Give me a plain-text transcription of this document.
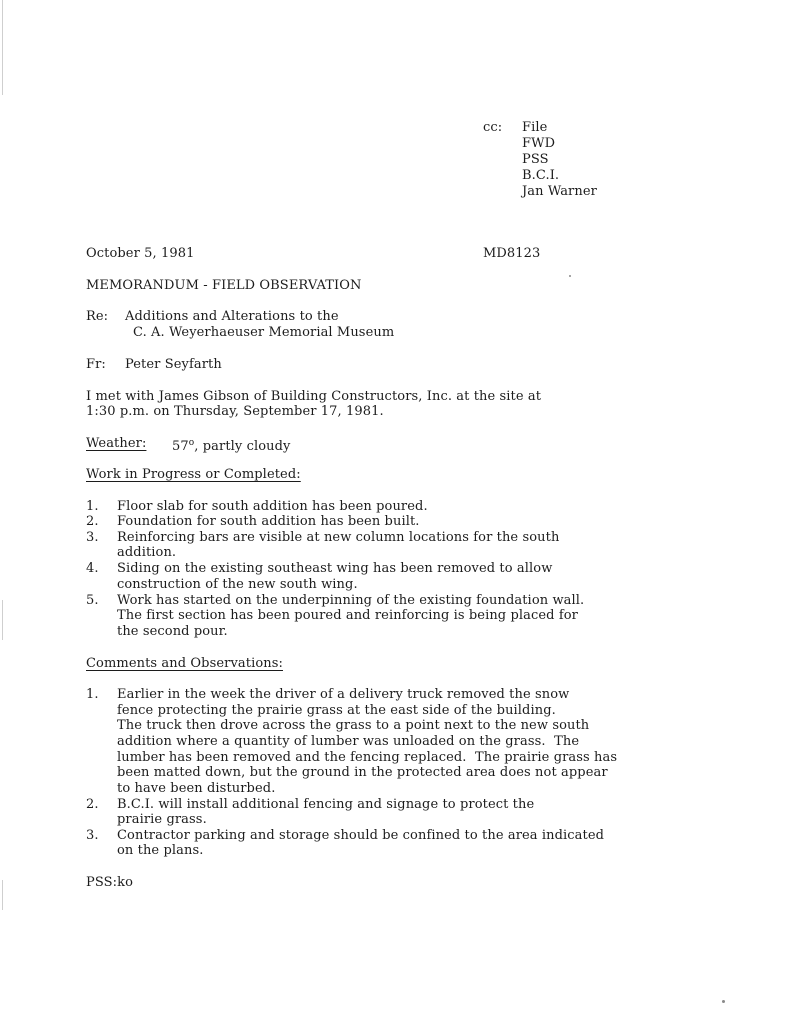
cc: File
FWD
PSS
B.C.I.
Jan Warner
October 5, 1981	MD8123
MEMORANDUM - FIELD OBSERVATION
Re: Additions and Alterations to the
C. A. Weyerhaeuser Memorial Museum
Fr: Peter Seyfarth
I met with James Gibson of Building Constructors, Inc. at the site at
1:30 p.m. on Thursday, September 17, 1981.
Weather: 57$^o$, partly cloudy
Work in Progress or Completed:
1. Floor slab for south addition has been poured.
2. Foundation for south addition has been built.
3. Reinforcing bars are visible at new column locations for the south
addition.
4. Siding on the existing southeast wing has been removed to allow
construction of the new south wing.
5. Work has started on the underpinning of the existing foundation wall.
The first section has been poured and reinforcing is being placed for
the second pour.
Comments and Observations:
1. Earlier in the week the driver of a delivery truck removed the snow
fence protecting the prairie grass at the east side of the building.
The truck then drove across the grass to a point next to the new south
addition where a quantity of lumber was unloaded on the grass.  The
lumber has been removed and the fencing replaced.  The prairie grass has
been matted down, but the ground in the protected area does not appear
to have been disturbed.
2. B.C.I. will install additional fencing and signage to protect the
prairie grass.
3. Contractor parking and storage should be confined to the area indicated
on the plans.
PSS:ko
